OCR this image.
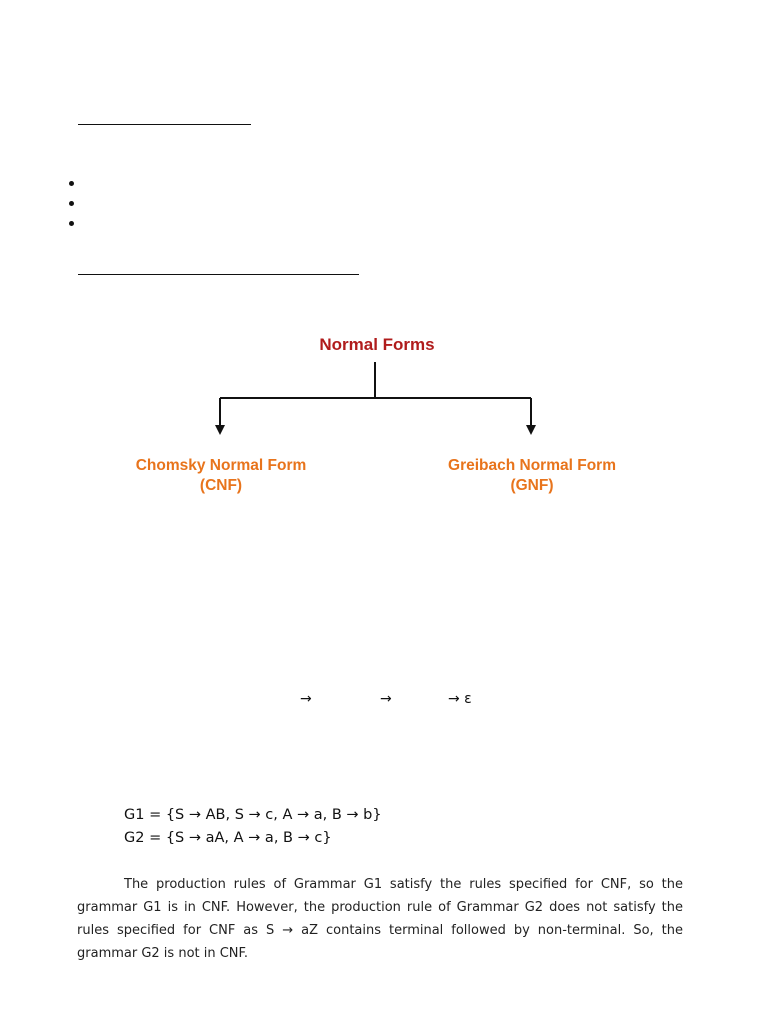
Normal Forms
Chomsky Normal Form
(CNF)
Greibach Normal Form
(GNF)
→	→	→ ε
G1 = {S → AB, S → c, A → a, B → b}
G2 = {S → aA, A → a, B → c}

The production rules of Grammar G1 satisfy the rules specified for CNF, so the grammar G1 is in CNF. However, the production rule of Grammar G2 does not satisfy the rules specified for CNF as S → aZ contains terminal followed by non-terminal. So, the grammar G2 is not in CNF.
